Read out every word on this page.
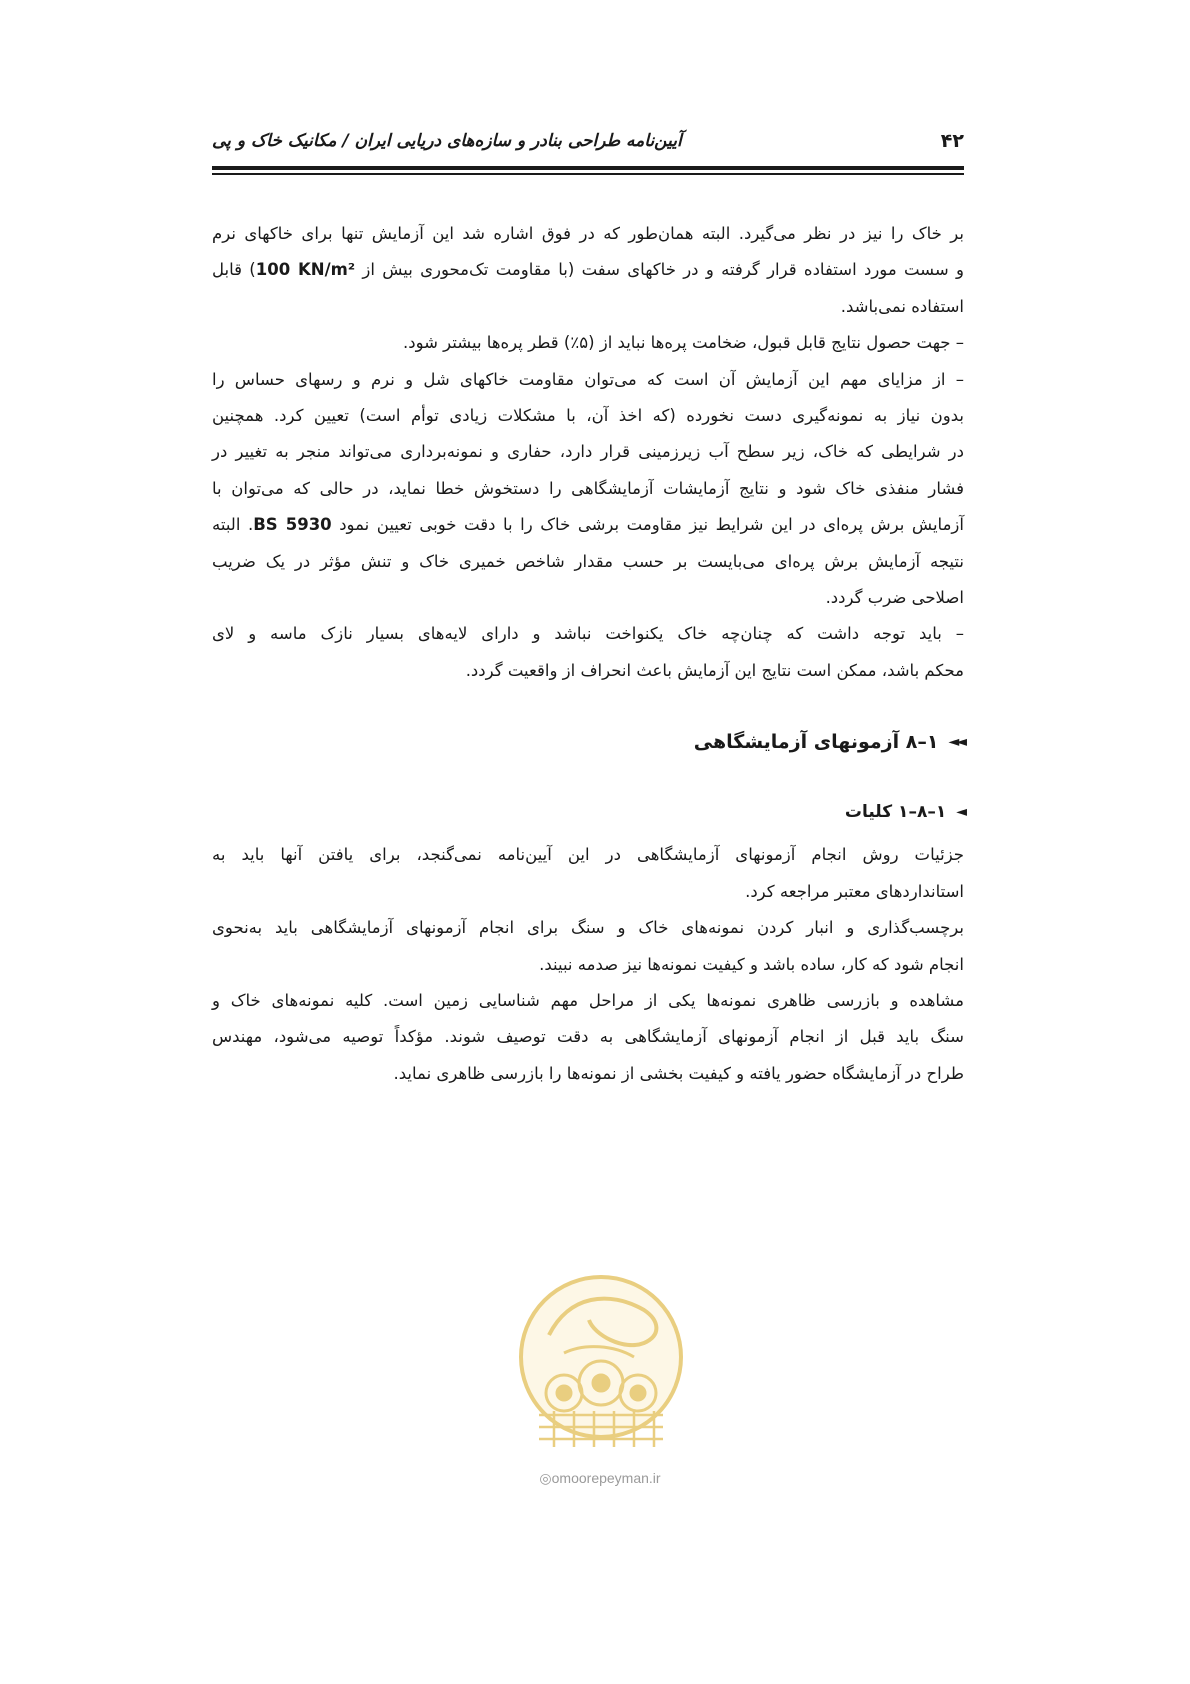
۴۲
آیین‌نامه طراحی بنادر و سازه‌های دریایی ایران / مکانیک خاک و پی

بر خاک را نیز در نظر می‌گیرد. البته همان‌طور که در فوق اشاره شد این آزمایش تنها برای خاکهای نرم

و سست مورد استفاده قرار گرفته و در خاکهای سفت (با مقاومت تک‌محوری بیش از 100 KN/m²) قابل

استفاده نمی‌باشد.

– جهت حصول نتایج قابل قبول، ضخامت پره‌ها نباید از (۵٪) قطر پره‌ها بیشتر شود.

– از مزایای مهم این آزمایش آن است که می‌توان مقاومت خاکهای شل و نرم و رسهای حساس را

بدون نیاز به نمونه‌گیری دست نخورده (که اخذ آن، با مشکلات زیادی توأم است) تعیین کرد. همچنین

در شرایطی که خاک، زیر سطح آب زیرزمینی قرار دارد، حفاری و نمونه‌برداری می‌تواند منجر به تغییر در

فشار منفذی خاک شود و نتایج آزمایشات آزمایشگاهی را دستخوش خطا نماید، در حالی که می‌توان با

آزمایش برش پره‌ای در این شرایط نیز مقاومت برشی خاک را با دقت خوبی تعیین نمود BS 5930. البته

نتیجه آزمایش برش پره‌ای می‌بایست بر حسب مقدار شاخص خمیری خاک و تنش مؤثر در یک ضریب

اصلاحی ضرب گردد.

– باید توجه داشت که چنان‌چه خاک یکنواخت نباشد و دارای لایه‌های بسیار نازک ماسه و لای

محکم باشد، ممکن است نتایج این آزمایش باعث انحراف از واقعیت گردد.

◄◄
۱–۸ آزمونهای آزمایشگاهی
◄
۱–۸–۱ کلیات

جزئیات روش انجام آزمونهای آزمایشگاهی در این آیین‌نامه نمی‌گنجد، برای یافتن آنها باید به

استانداردهای معتبر مراجعه کرد.

برچسب‌گذاری و انبار کردن نمونه‌های خاک و سنگ برای انجام آزمونهای آزمایشگاهی باید به‌نحوی

انجام شود که کار، ساده باشد و کیفیت نمونه‌ها نیز صدمه نبیند.

مشاهده و بازرسی ظاهری نمونه‌ها یکی از مراحل مهم شناسایی زمین است. کلیه نمونه‌های خاک و

سنگ باید قبل از انجام آزمونهای آزمایشگاهی به دقت توصیف شوند. مؤکداً توصیه می‌شود، مهندس

طراح در آزمایشگاه حضور یافته و کیفیت بخشی از نمونه‌ها را بازرسی ظاهری نماید.

◎omoorepeyman.ir
